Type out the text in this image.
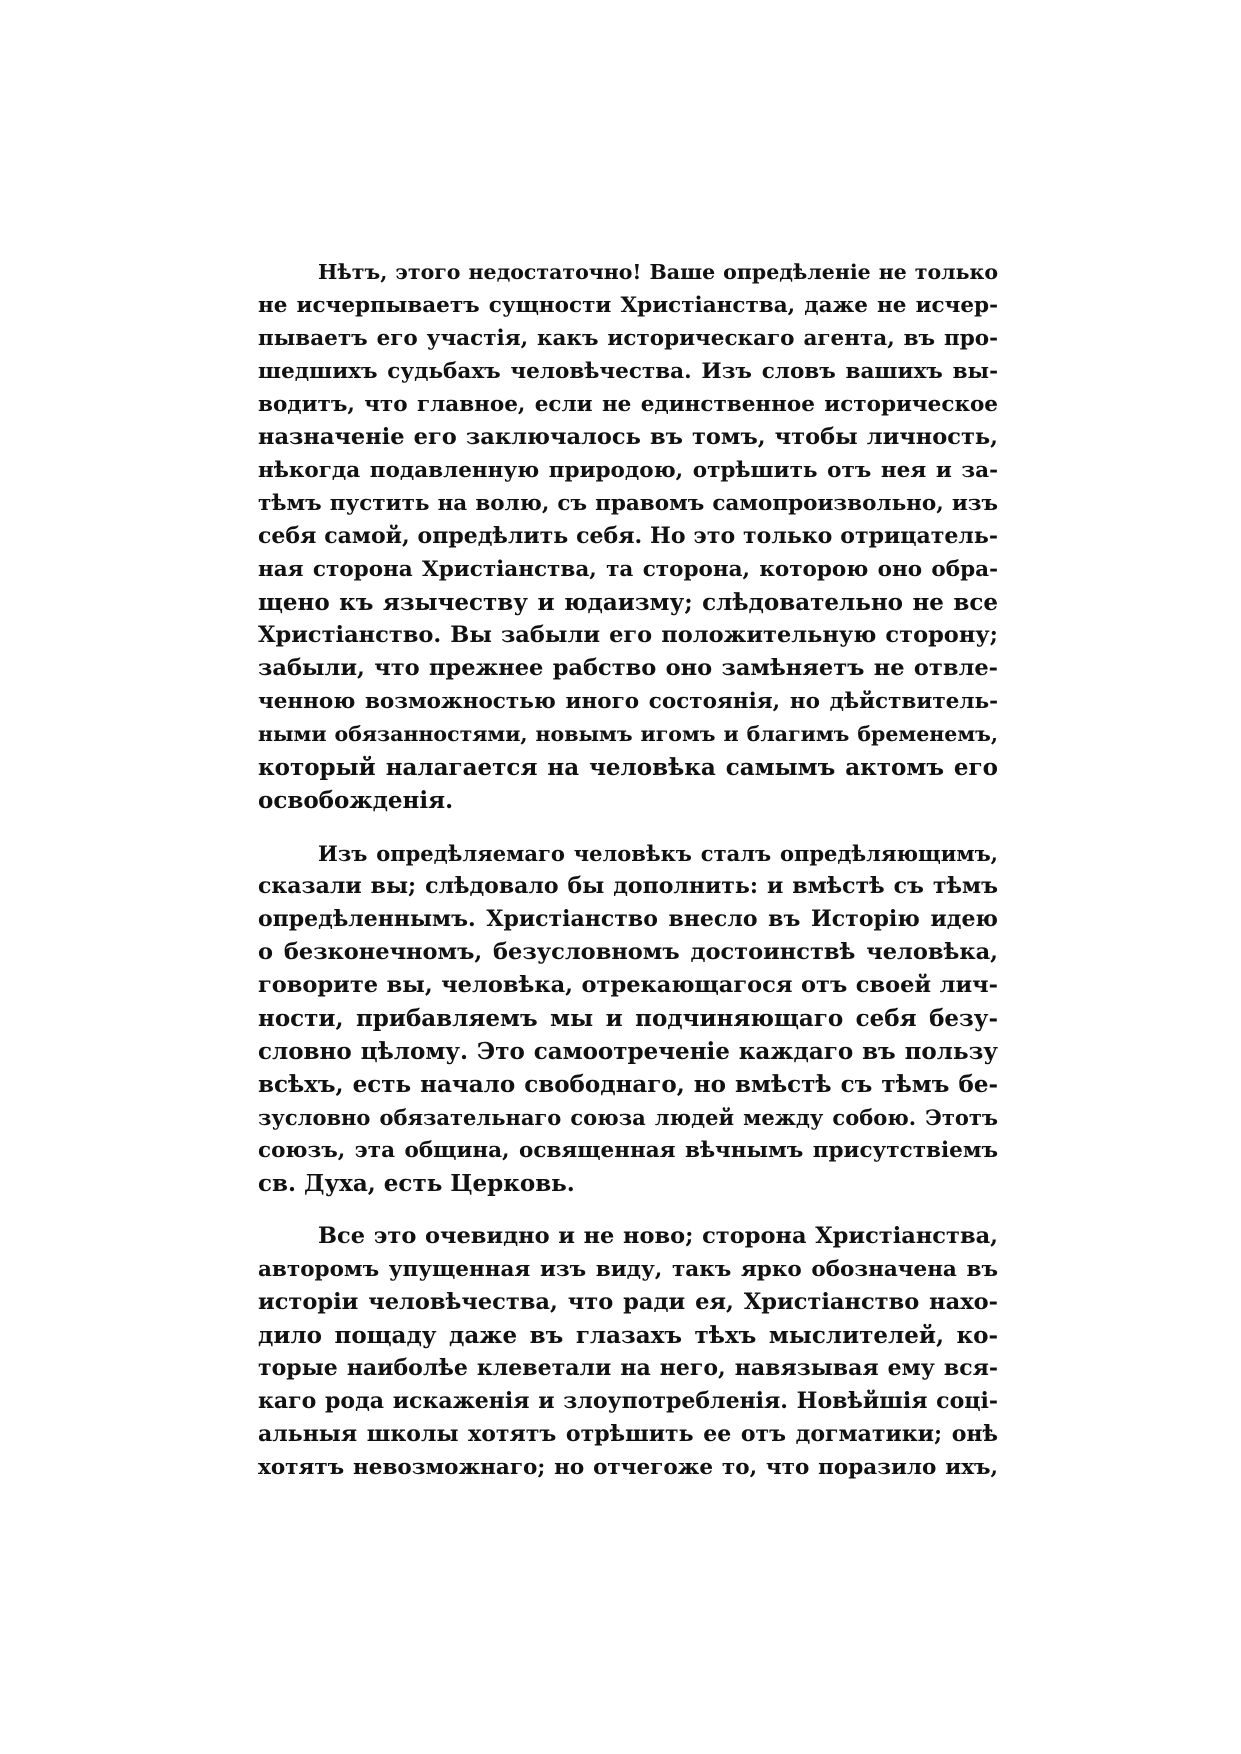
Нѣтъ, этого недостаточно! Ваше опредѣленіе не только
не исчерпываетъ сущности Христіанства, даже не исчер-
пываетъ его участія, какъ историческаго агента, въ про-
шедшихъ судьбахъ человѣчества. Изъ словъ вашихъ вы-
водитъ, что главное, если не единственное историческое
назначеніе его заключалось въ томъ, чтобы личность,
нѣкогда подавленную природою, отрѣшить отъ нея и за-
тѣмъ пустить на волю, съ правомъ самопроизвольно, изъ
себя самой, опредѣлить себя. Но это только отрицатель-
ная сторона Христіанства, та сторона, которою оно обра-
щено къ язычеству и юдаизму; слѣдовательно не все
Христіанство. Вы забыли его положительную сторону;
забыли, что прежнее рабство оно замѣняетъ не отвле-
ченною возможностью иного состоянія, но дѣйствитель-
ными обязанностями, новымъ игомъ и благимъ бременемъ,
который налагается на человѣка самымъ актомъ его
освобожденія.
Изъ опредѣляемаго человѣкъ сталъ опредѣляющимъ,
сказали вы; слѣдовало бы дополнить: и вмѣстѣ съ тѣмъ
опредѣленнымъ. Христіанство внесло въ Исторію идею
о безконечномъ, безусловномъ достоинствѣ человѣка,
говорите вы, человѣка, отрекающагося отъ своей лич-
ности, прибавляемъ мы и подчиняющаго себя безу-
словно цѣлому. Это самоотреченіе каждаго въ пользу
всѣхъ, есть начало свободнаго, но вмѣстѣ съ тѣмъ бе-
зусловно обязательнаго союза людей между собою. Этотъ
союзъ, эта община, освященная вѣчнымъ присутствіемъ
св. Духа, есть Церковь.
Все это очевидно и не ново; сторона Христіанства,
авторомъ упущенная изъ виду, такъ ярко обозначена въ
исторіи человѣчества, что ради ея, Христіанство нахо-
дило пощаду даже въ глазахъ тѣхъ мыслителей, ко-
торые наиболѣе клеветали на него, навязывая ему вся-
каго рода искаженія и злоупотребленія. Новѣйшія соці-
альныя школы хотятъ отрѣшить ее отъ догматики; онѣ
хотятъ невозможнаго; но отчегоже то, что поразило ихъ,
